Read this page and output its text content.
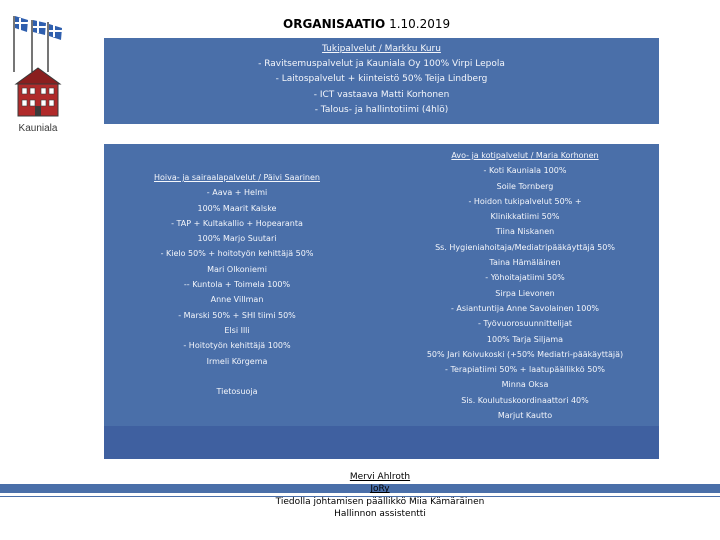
Kauniala
ORGANISAATIO 1.10.2019
Tukipalvelut / Markku Kuru
- Ravitsemuspalvelut ja Kauniala Oy 100% Virpi Lepola
- Laitospalvelut + kiinteistö 50% Teija Lindberg
- ICT vastaava Matti Korhonen
- Talous- ja hallintotiimi (4hlö)
Hoiva- ja sairaalapalvelut / Päivi Saarinen
- Aava + Helmi
100% Maarit Kalske
- TAP + Kultakallio + Hopearanta
100% Marjo Suutari
- Kielo 50% + hoitotyön kehittäjä 50%
Mari Olkoniemi
-- Kuntola + Toimela 100%
Anne Villman
- Marski 50% + SHI tiimi 50%
Elsi Illi
- Hoitotyön kehittäjä 100%
Irmeli Körgema
Tietosuoja
Avo- ja kotipalvelut / Maria Korhonen
- Koti Kauniala 100%
Soile Tornberg
- Hoidon tukipalvelut 50% +
Klinikkatiimi 50%
Tiina Niskanen
Ss. Hygieniahoitaja/Mediatripääkäyttäjä 50%
Taina Hämäläinen
- Yöhoitajatiimi 50%
Sirpa Lievonen
- Asiantuntija Anne Savolainen 100%
- Työvuorosuunnittelijat
100% Tarja Siljama
50% Jari Koivukoski (+50% Mediatri-pääkäyttäjä)
- Terapiatiimi 50% + laatupäällikkö 50%
Minna Oksa
Sis. Koulutuskoordinaattori 40%
Marjut Kautto
Mervi Ahlroth
JoRy
Tiedolla johtamisen päällikkö Miia Kämäräinen
Hallinnon assistentti
